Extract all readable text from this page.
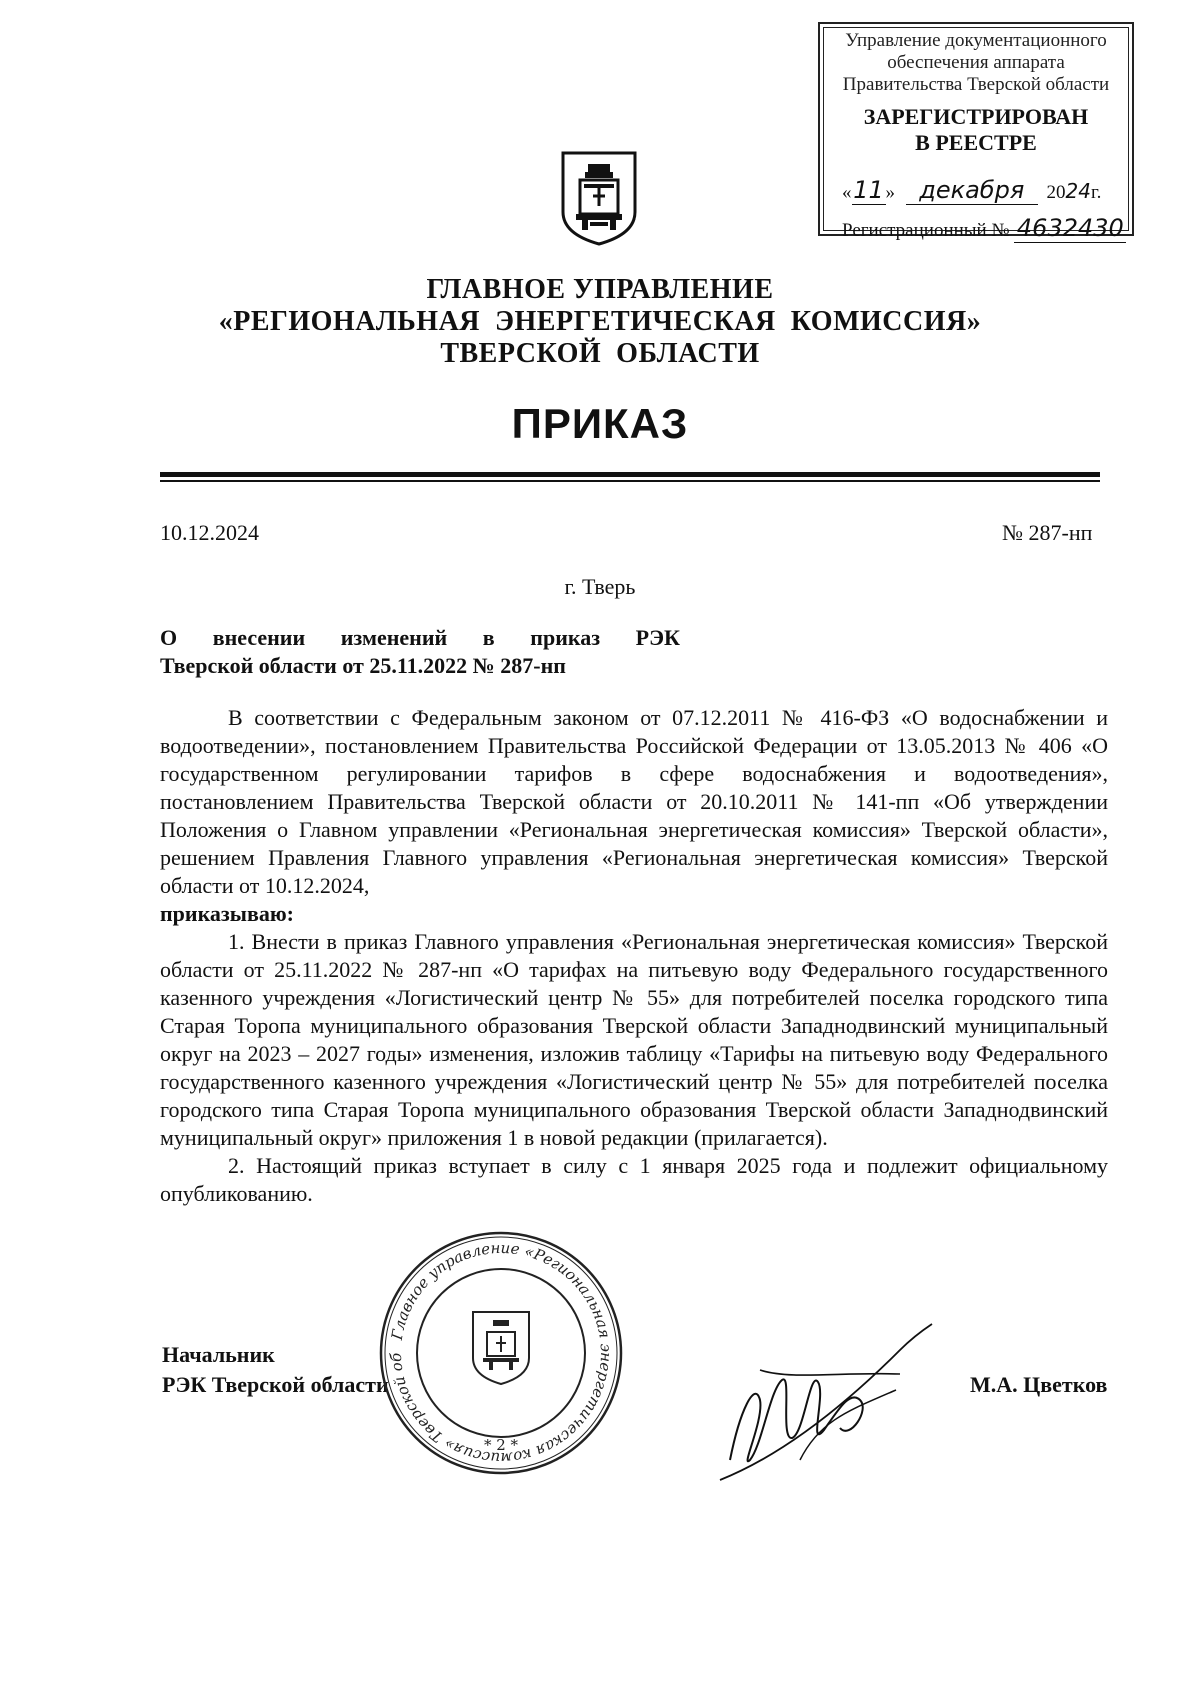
Управление документационного
обеспечения аппарата
Правительства Тверской области
ЗАРЕГИСТРИРОВАН
В РЕЕСТРЕ
«11» декабря 2024г.
Регистрационный № 4632430
ГЛАВНОЕ УПРАВЛЕНИЕ
«РЕГИОНАЛЬНАЯ  ЭНЕРГЕТИЧЕСКАЯ  КОМИССИЯ»
ТВЕРСКОЙ  ОБЛАСТИ
ПРИКАЗ
10.12.2024	№ 287-нп
г. Тверь
О внесении изменений в приказ РЭК
Тверской области от 25.11.2022 № 287-нп

В соответствии с Федеральным законом от 07.12.2011 № 416-ФЗ «О водоснабжении и водоотведении», постановлением Правительства Российской Федерации от 13.05.2013 № 406 «О государственном регулировании тарифов в сфере водоснабжения и водоотведения», постановлением Правительства Тверской области от 20.10.2011 № 141-пп «Об утверждении Положения о Главном управлении «Региональная энергетическая комиссия» Тверской области», решением Правления Главного управления «Региональная энергетическая комиссия» Тверской области от 10.12.2024,

приказываю:

1. Внести в приказ Главного управления «Региональная энергетическая комиссия» Тверской области от 25.11.2022 № 287-нп «О тарифах на питьевую воду Федерального государственного казенного учреждения «Логистический центр № 55» для потребителей поселка городского типа Старая Торопа муниципального образования Тверской области Западнодвинский муниципальный округ на 2023 – 2027 годы» изменения, изложив таблицу «Тарифы на питьевую воду Федерального государственного казенного учреждения «Логистический центр № 55» для потребителей поселка городского типа Старая Торопа муниципального образования Тверской области Западнодвинский муниципальный округ» приложения 1 в новой редакции (прилагается).

2. Настоящий приказ вступает в силу с 1 января 2025 года и подлежит официальному опубликованию.

Начальник
РЭК Тверской области	М.А. Цветков
Главное управление «Региональная энергетическая комиссия» Тверской об
* 2 *
